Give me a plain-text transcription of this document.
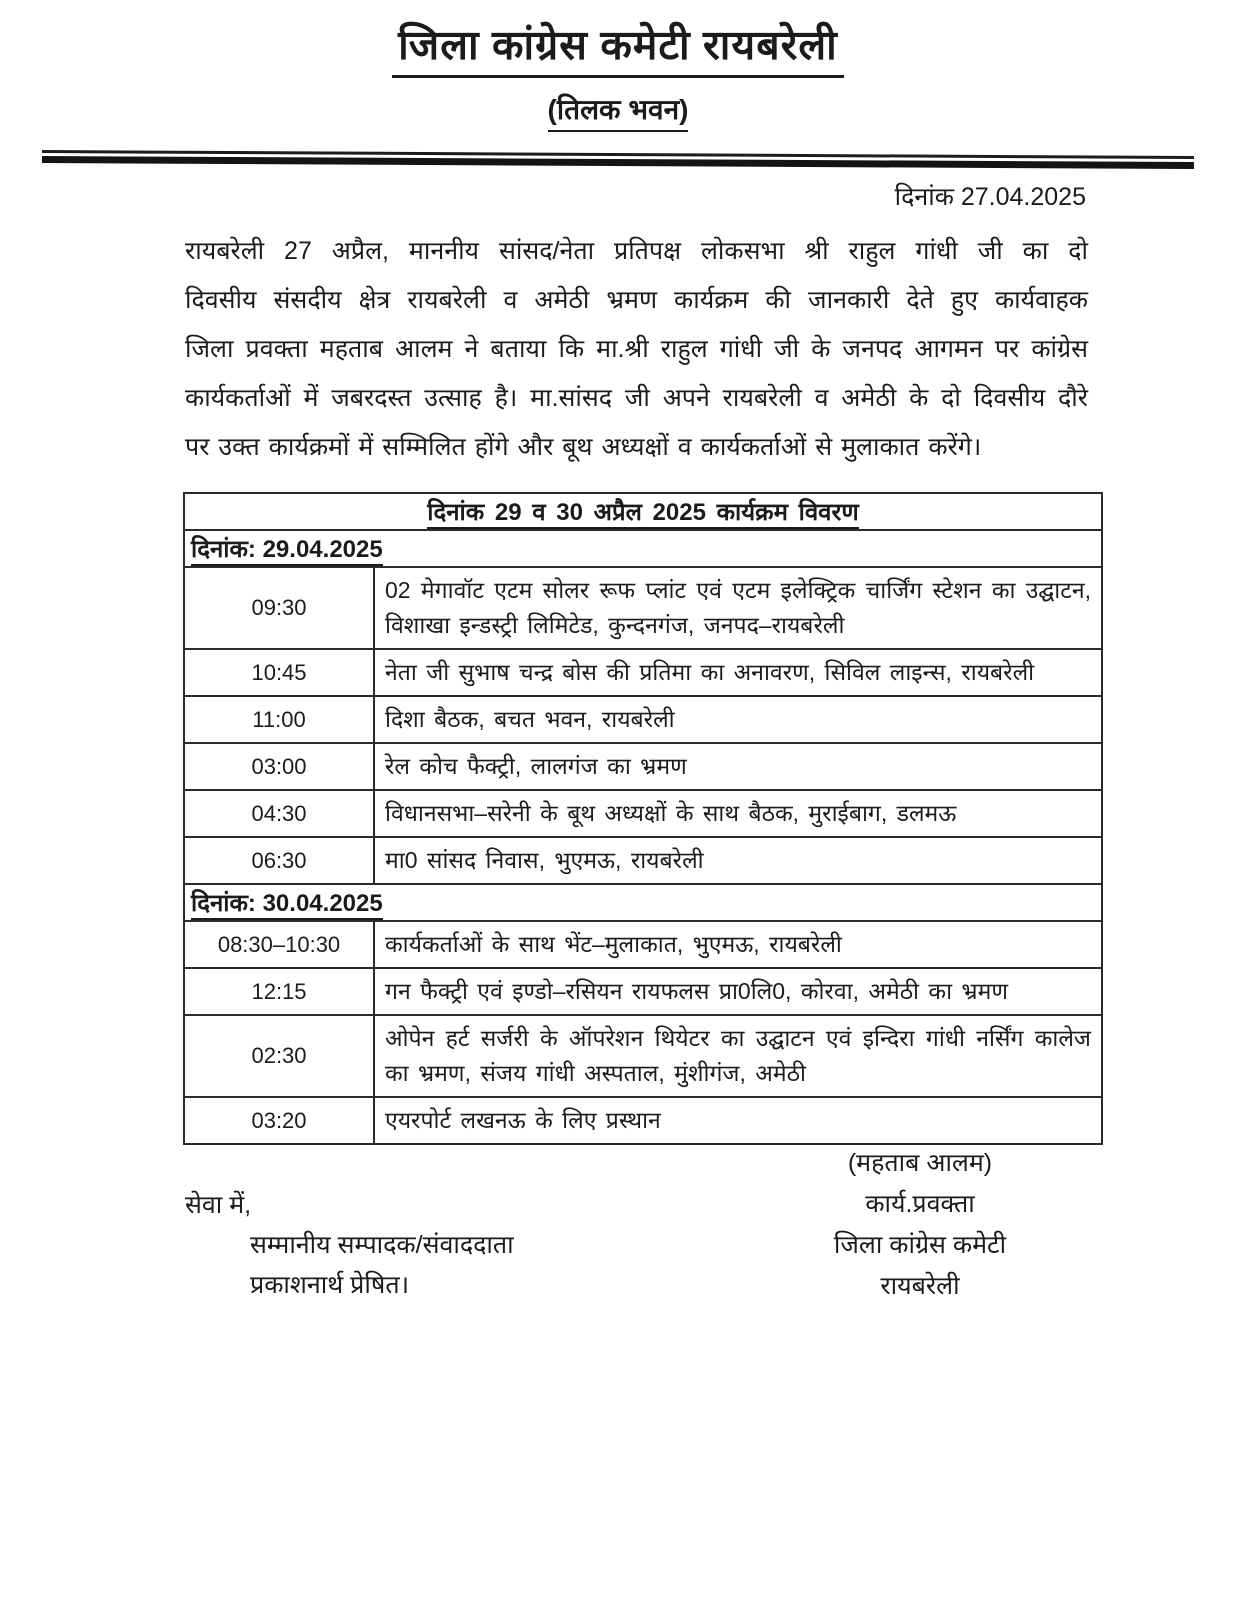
जिला कांग्रेस कमेटी रायबरेली
(तिलक भवन)
दिनांक 27.04.2025
रायबरेली 27 अप्रैल, माननीय सांसद/नेता प्रतिपक्ष लोकसभा श्री राहुल गांधी जी का दो
दिवसीय संसदीय क्षेत्र रायबरेली व अमेठी भ्रमण कार्यक्रम की जानकारी देते हुए कार्यवाहक
जिला प्रवक्ता महताब आलम ने बताया कि मा.श्री राहुल गांधी जी के जनपद आगमन पर कांग्रेस
कार्यकर्ताओं में जबरदस्त उत्साह है। मा.सांसद जी अपने रायबरेली व अमेठी के दो दिवसीय दौरे
पर उक्त कार्यक्रमों में सम्मिलित होंगे और बूथ अध्यक्षों व कार्यकर्ताओं से मुलाकात करेंगे।
दिनांक 29 व 30 अप्रैल 2025 कार्यक्रम विवरण	
दिनांक: 29.04.2025	
09:30	02 मेगावॉट एटम सोलर रूफ प्लांट एवं एटम इलेक्ट्रिक चार्जिंग स्टेशन का उद्घाटन, विशाखा इन्डस्ट्री लिमिटेड, कुन्दनगंज, जनपद–रायबरेली
10:45	नेता जी सुभाष चन्द्र बोस की प्रतिमा का अनावरण, सिविल लाइन्स, रायबरेली
11:00	दिशा बैठक, बचत भवन, रायबरेली
03:00	रेल कोच फैक्ट्री, लालगंज का भ्रमण
04:30	विधानसभा–सरेनी के बूथ अध्यक्षों के साथ बैठक, मुराईबाग, डलमऊ
06:30	मा0 सांसद निवास, भुएमऊ, रायबरेली
दिनांक: 30.04.2025	
08:30–10:30	कार्यकर्ताओं के साथ भेंट–मुलाकात, भुएमऊ, रायबरेली
12:15	गन फैक्ट्री एवं इण्डो–रसियन रायफलस प्रा0लि0, कोरवा, अमेठी का भ्रमण
02:30	ओपेन हर्ट सर्जरी के ऑपरेशन थियेटर का उद्घाटन एवं इन्दिरा गांधी नर्सिंग कालेज का भ्रमण, संजय गांधी अस्पताल, मुंशीगंज, अमेठी
03:20	एयरपोर्ट लखनऊ के लिए प्रस्थान
सेवा में,
सम्मानीय सम्पादक/संवाददाता
प्रकाशनार्थ प्रेषित।
(महताब आलम)
कार्य.प्रवक्ता
जिला कांग्रेस कमेटी
रायबरेली
